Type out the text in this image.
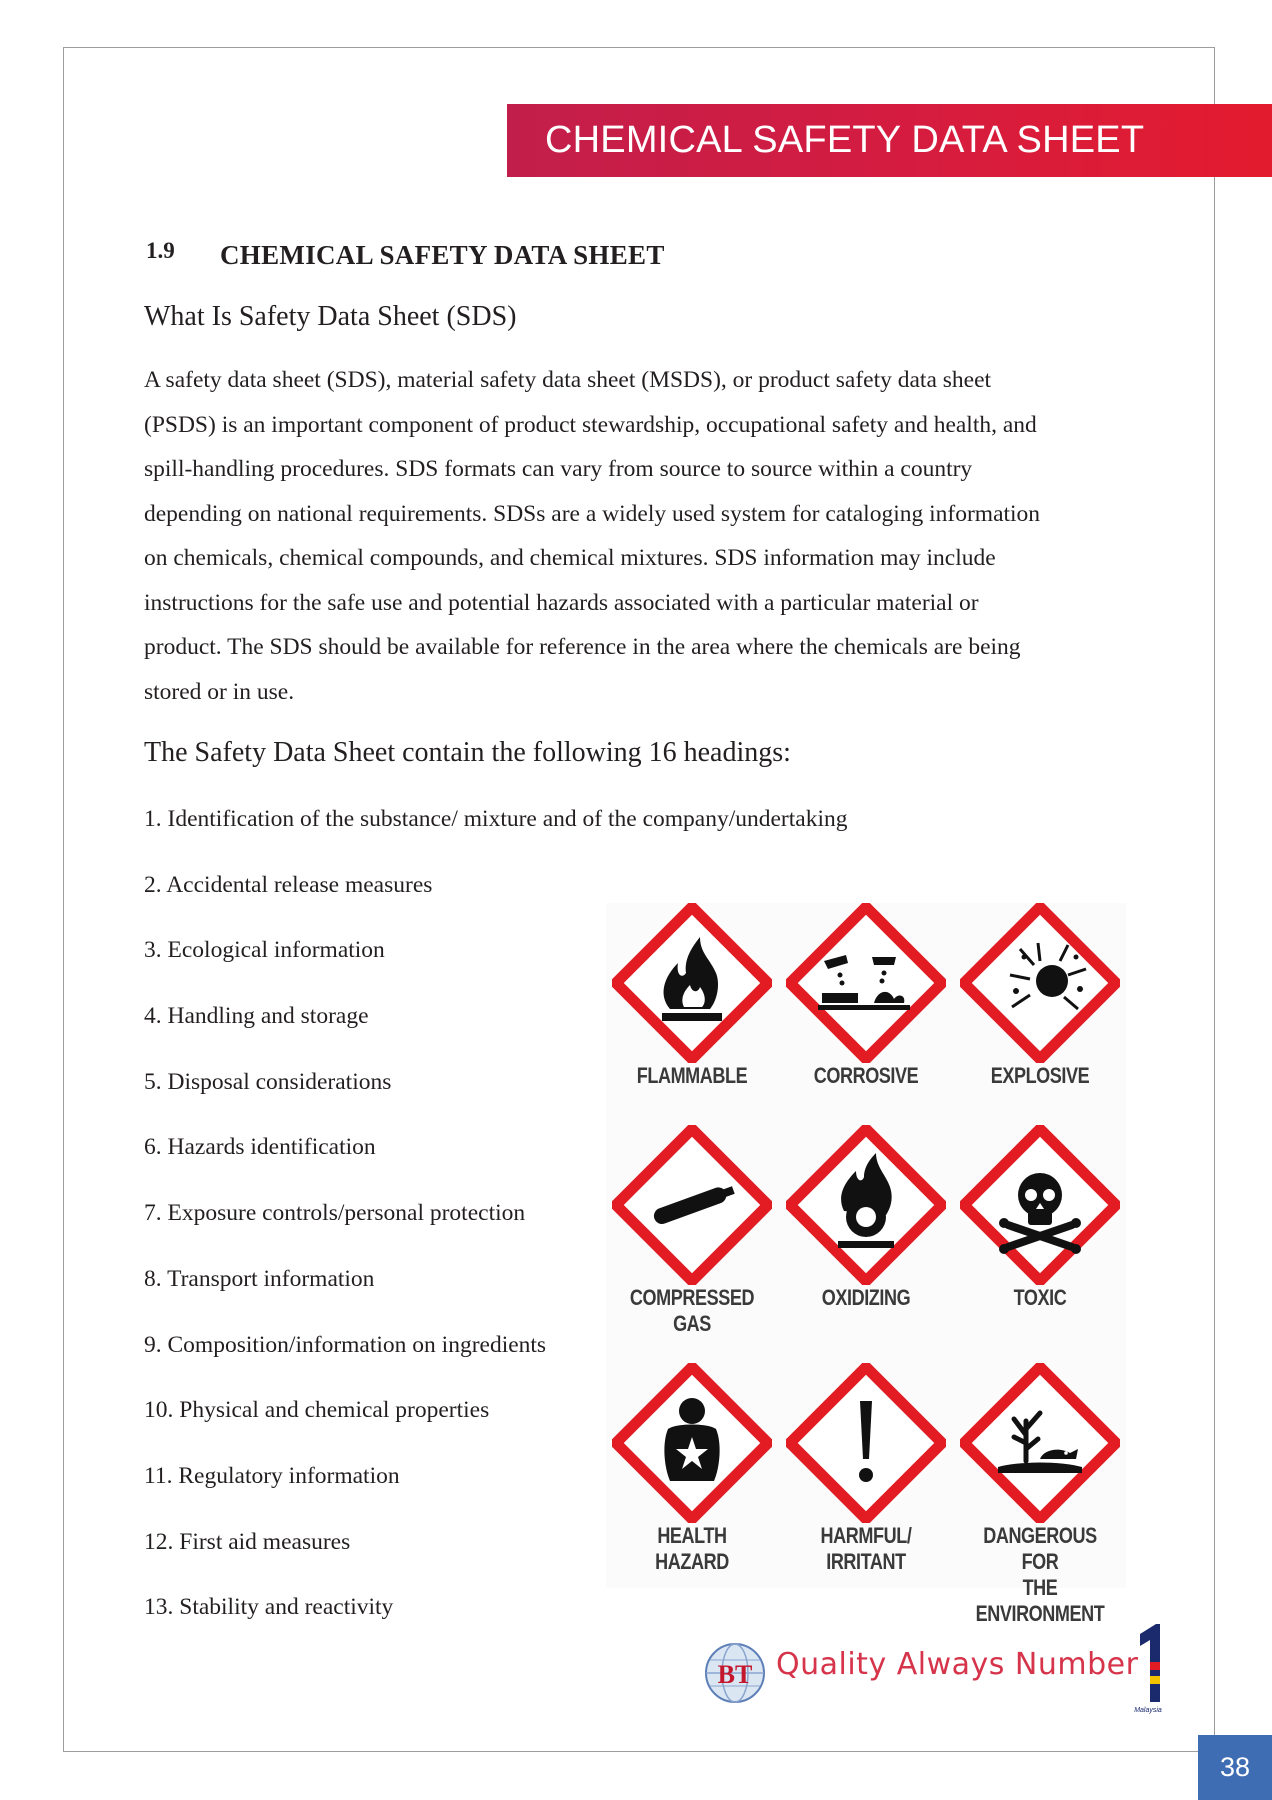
CHEMICAL SAFETY DATA SHEET
1.9 CHEMICAL SAFETY DATA SHEET
What Is Safety Data Sheet (SDS)
A safety data sheet (SDS), material safety data sheet (MSDS), or product safety data sheet
(PSDS) is an important component of product stewardship, occupational safety and health, and
spill-handling procedures. SDS formats can vary from source to source within a country
depending on national requirements. SDSs are a widely used system for cataloging information
on chemicals, chemical compounds, and chemical mixtures. SDS information may include
instructions for the safe use and potential hazards associated with a particular material or
product. The SDS should be available for reference in the area where the chemicals are being
stored or in use.
The Safety Data Sheet contain the following 16 headings:
1. Identification of the substance/ mixture and of the company/undertaking
2. Accidental release measures
3. Ecological information
4. Handling and storage
5. Disposal considerations
6. Hazards identification
7. Exposure controls/personal protection
8. Transport information
9. Composition/information on ingredients
10. Physical and chemical properties
11. Regulatory information
12. First aid measures
13. Stability and reactivity
FLAMMABLE	CORROSIVE	EXPLOSIVE
COMPRESSED
GAS
OXIDIZING	TOXIC
HEALTH
HAZARD
HARMFUL/
IRRITANT
DANGEROUS FOR
THE ENVIRONMENT
BT Quality Always Number
Malaysia
38
